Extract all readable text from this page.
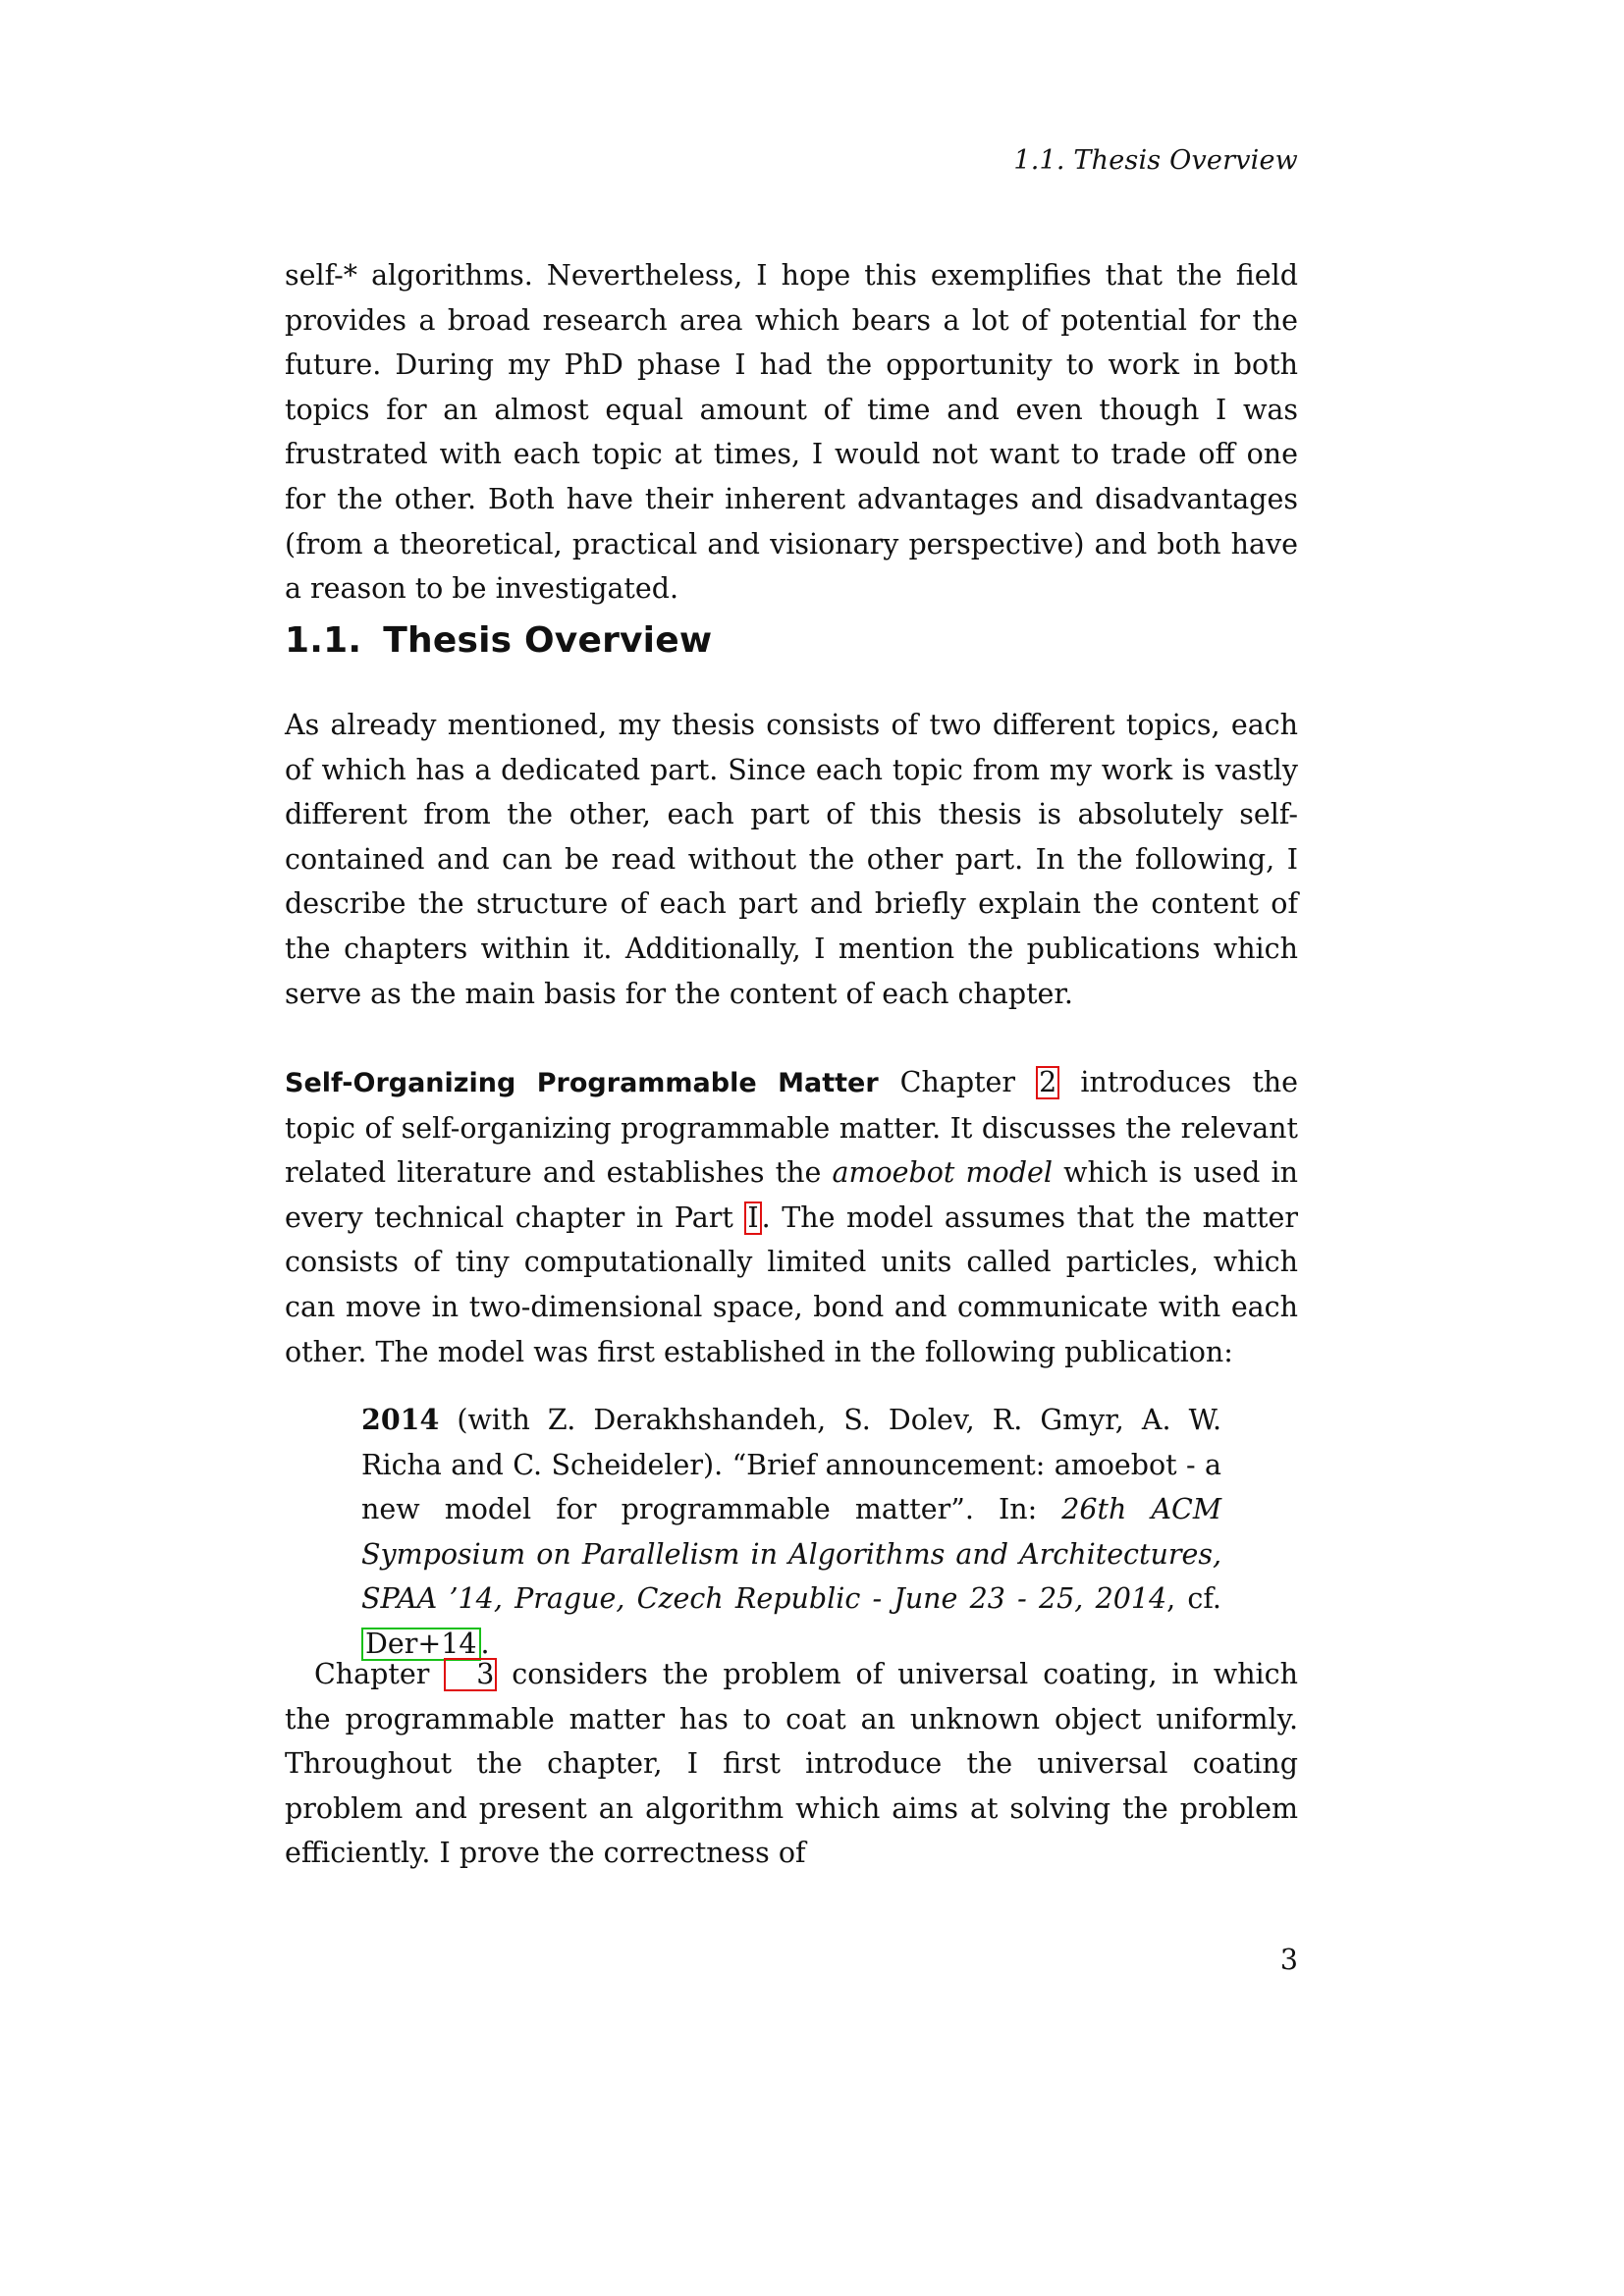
1.1. Thesis Overview

self-* algorithms. Nevertheless, I hope this exemplifies that the field provides a broad research area which bears a lot of potential for the future. During my PhD phase I had the opportunity to work in both topics for an almost equal amount of time and even though I was frustrated with each topic at times, I would not want to trade off one for the other. Both have their inherent advantages and disadvantages (from a theoretical, practical and visionary perspective) and both have a reason to be investigated.

1.1. Thesis Overview

As already mentioned, my thesis consists of two different topics, each of which has a dedicated part. Since each topic from my work is vastly different from the other, each part of this thesis is absolutely self-contained and can be read without the other part. In the following, I describe the structure of each part and briefly explain the content of the chapters within it. Additionally, I mention the publications which serve as the main basis for the content of each chapter.

Self-Organizing Programmable Matter Chapter 2 introduces the topic of self-organizing programmable matter. It discusses the relevant related literature and establishes the amoebot model which is used in every technical chapter in Part I . The model assumes that the matter consists of tiny computationally limited units called particles, which can move in two-dimensional space, bond and communicate with each other. The model was first established in the following publication:

2014 (with Z. Derakhshandeh, S. Dolev, R. Gmyr, A. W. Richa and C. Scheideler). “Brief announcement: amoebot - a new model for programmable matter”. In: 26th ACM Symposium on Parallelism in Algorithms and Architectures, SPAA ’14, Prague, Czech Republic - June 23 - 25, 2014, cf. Der+14 .

Chapter 3 considers the problem of universal coating, in which the programmable matter has to coat an unknown object uniformly. Throughout the chapter, I first introduce the universal coating problem and present an algorithm which aims at solving the problem efficiently. I prove the correctness of

3
